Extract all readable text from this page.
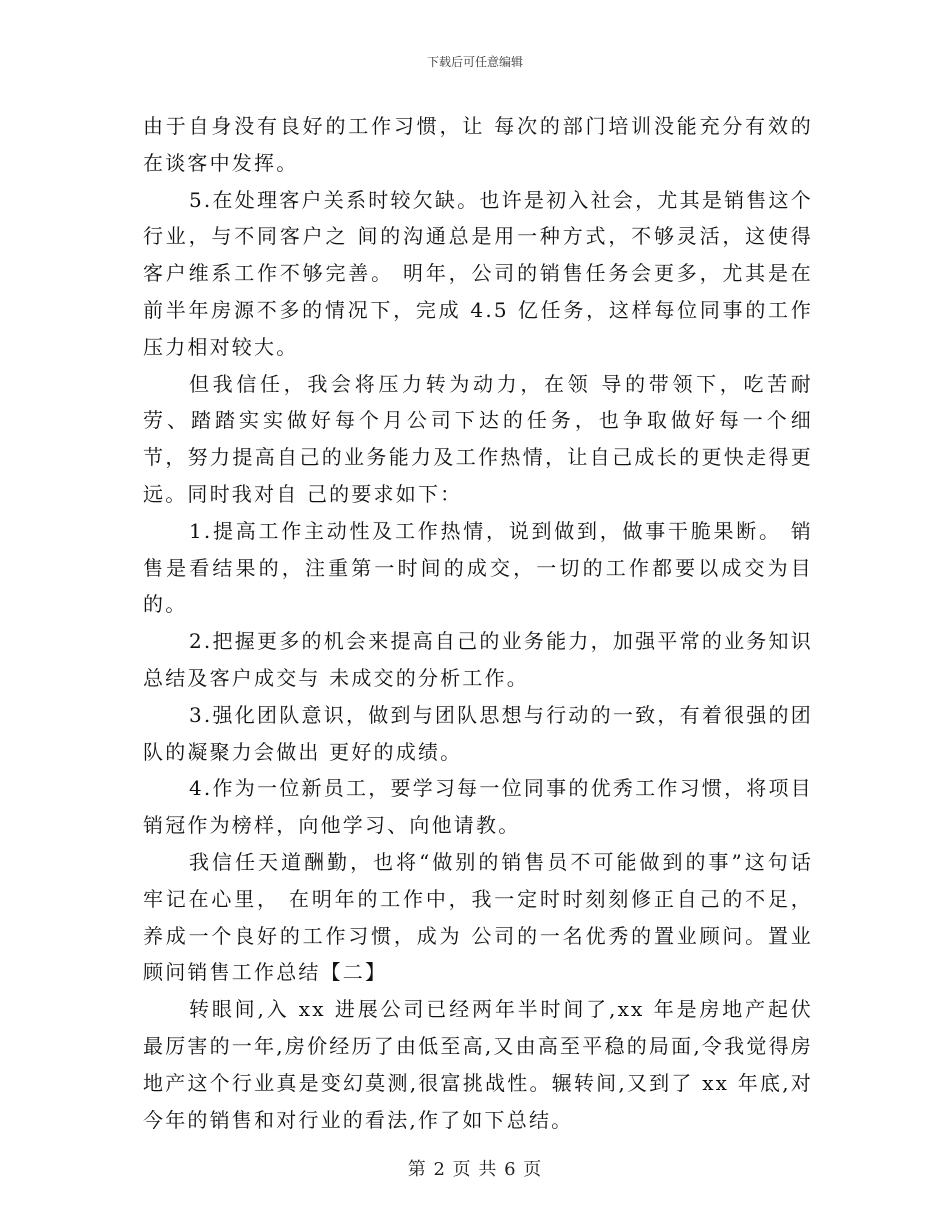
下载后可任意编辑

由于自身没有良好的工作习惯，让 每次的部门培训没能充分有效的在谈客中发挥。

5.在处理客户关系时较欠缺。也许是初入社会，尤其是销售这个行业，与不同客户之 间的沟通总是用一种方式，不够灵活，这使得客户维系工作不够完善。 明年，公司的销售任务会更多，尤其是在前半年房源不多的情况下，完成 4.5 亿任务，这样每位同事的工作压力相对较大。

但我信任，我会将压力转为动力，在领 导的带领下，吃苦耐劳、踏踏实实做好每个月公司下达的任务，也争取做好每一个细 节，努力提高自己的业务能力及工作热情，让自己成长的更快走得更远。同时我对自 己的要求如下：

1.提高工作主动性及工作热情，说到做到，做事干脆果断。 销售是看结果的，注重第一时间的成交，一切的工作都要以成交为目的。

2.把握更多的机会来提高自己的业务能力，加强平常的业务知识总结及客户成交与 未成交的分析工作。

3.强化团队意识，做到与团队思想与行动的一致，有着很强的团队的凝聚力会做出 更好的成绩。

4.作为一位新员工，要学习每一位同事的优秀工作习惯，将项目销冠作为榜样，向他学习、向他请教。

我信任天道酬勤，也将“做别的销售员不可能做到的事”这句话牢记在心里， 在明年的工作中，我一定时时刻刻修正自己的不足，养成一个良好的工作习惯，成为 公司的一名优秀的置业顾问。置业顾问销售工作总结【二】

转眼间,入 xx 进展公司已经两年半时间了,xx 年是房地产起伏最厉害的一年,房价经历了由低至高,又由高至平稳的局面,令我觉得房地产这个行业真是变幻莫测,很富挑战性。辗转间,又到了 xx 年底,对今年的销售和对行业的看法,作了如下总结。

第 2 页 共 6 页
